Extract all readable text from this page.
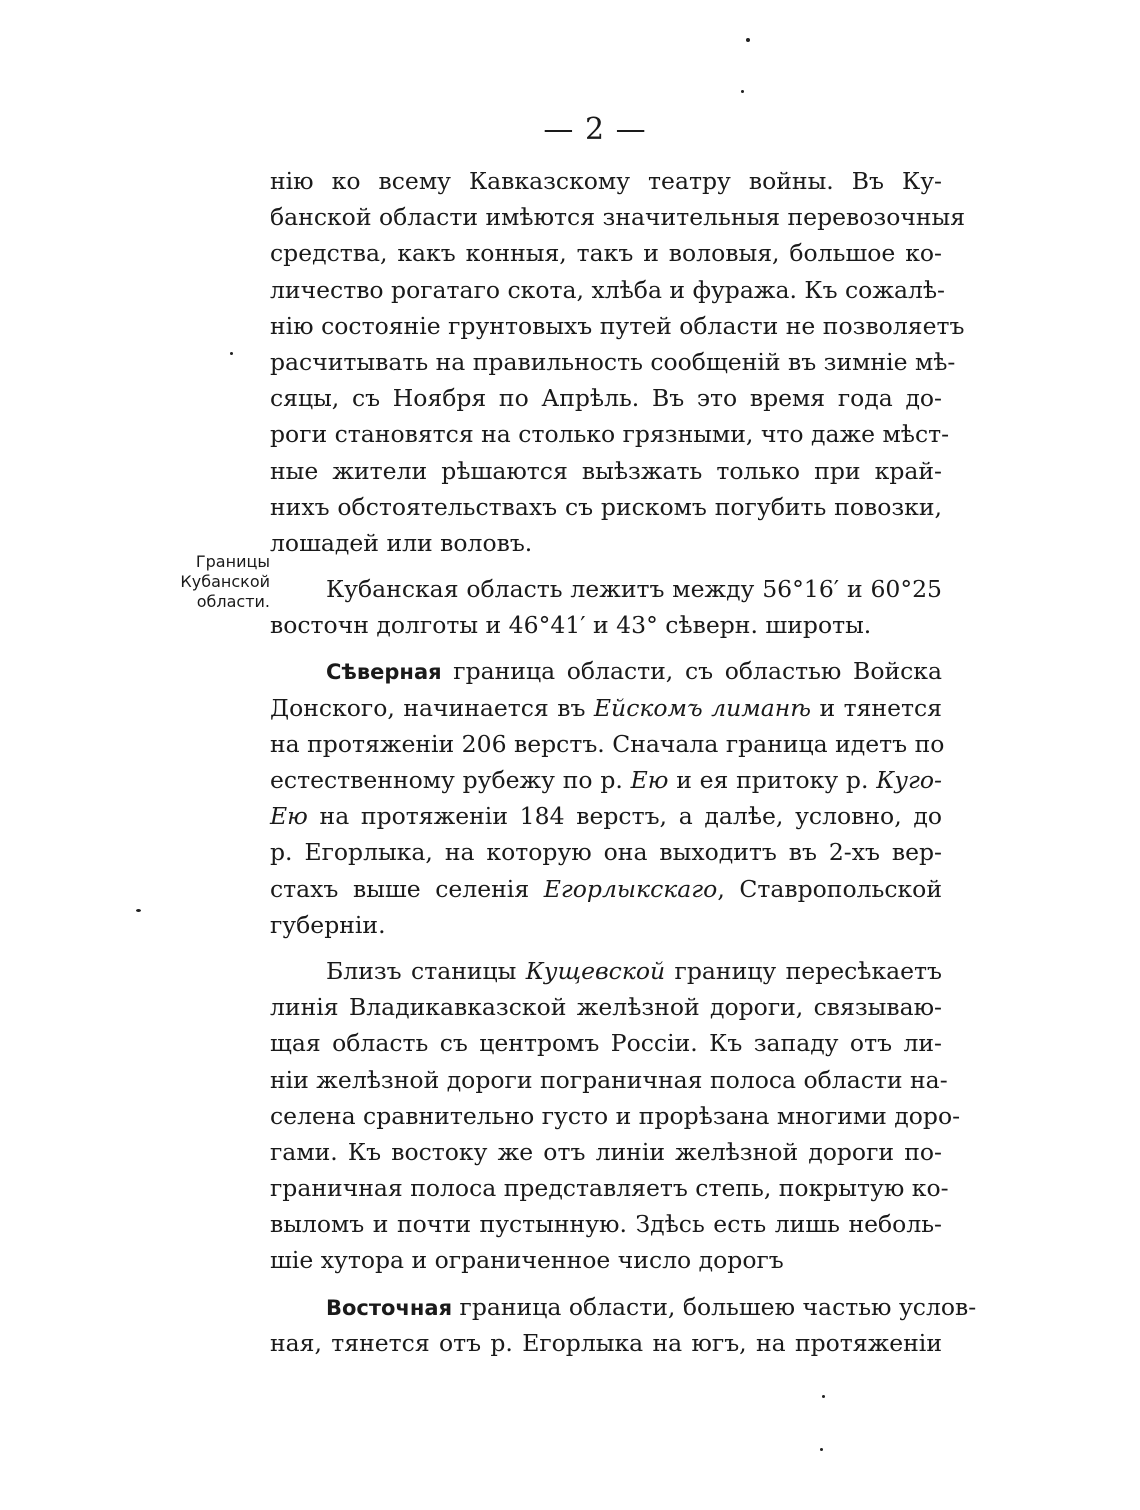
— 2 —
Границы
Кубанской
области.
нію ко всему Кавказскому театру войны. Въ Ку-
банской области имѣются значительныя перевозочныя
средства, какъ конныя, такъ и воловыя, большое ко-
личество рогатаго скота, хлѣба и фуража. Къ сожалѣ-
нію состояніе грунтовыхъ путей области не позволяетъ
расчитывать на правильность сообщеній въ зимніе мѣ-
сяцы, съ Ноября по Апрѣль. Въ это время года до-
роги становятся на столько грязными, что даже мѣст-
ные жители рѣшаются выѣзжать только при край-
нихъ обстоятельствахъ съ рискомъ погубить повозки,
лошадей или воловъ.
Кубанская область лежитъ между 56°16′ и 60°25
восточн долготы и 46°41′ и 43° сѣверн. широты.
Сѣверная граница области, съ областью Войска
Донского, начинается въ Ейскомъ лиманѣ и тянется
на протяженіи 206 верстъ. Сначала граница идетъ по
естественному рубежу по р. Ею и ея притоку р. Куго-
Ею на протяженіи 184 верстъ, а далѣе, условно, до
р. Егорлыка, на которую она выходитъ въ 2-хъ вер-
стахъ выше селенія Егорлыкскаго, Ставропольской
губерніи.
Близъ станицы Кущевской границу пересѣкаетъ
линія Владикавказской желѣзной дороги, связываю-
щая область съ центромъ Россіи. Къ западу отъ ли-
ніи желѣзной дороги пограничная полоса области на-
селена сравнительно густо и прорѣзана многими доро-
гами. Къ востоку же отъ линіи желѣзной дороги по-
граничная полоса представляетъ степь, покрытую ко-
выломъ и почти пустынную. Здѣсь есть лишь неболь-
шіе хутора и ограниченное число дорогъ
Восточная граница области, большею частью услов-
ная, тянется отъ р. Егорлыка на югъ, на протяженіи
